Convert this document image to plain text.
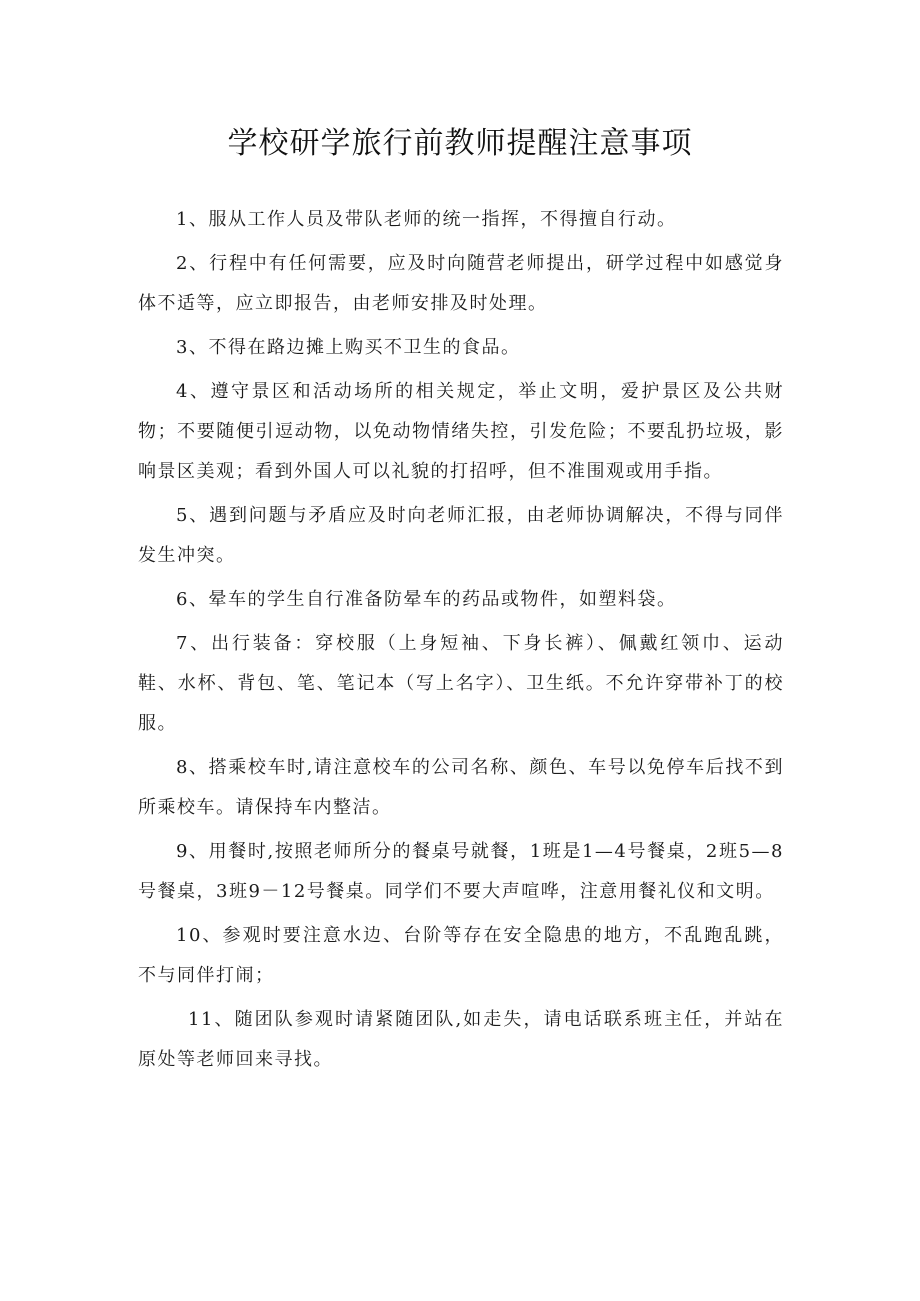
学校研学旅行前教师提醒注意事项

1、服从工作人员及带队老师的统一指挥，不得擅自行动。

2、行程中有任何需要，应及时向随营老师提出，研学过程中如感觉身体不适等，应立即报告，由老师安排及时处理。

3、不得在路边摊上购买不卫生的食品。

4、遵守景区和活动场所的相关规定，举止文明，爱护景区及公共财物；不要随便引逗动物，以免动物情绪失控，引发危险；不要乱扔垃圾，影响景区美观；看到外国人可以礼貌的打招呼，但不准围观或用手指。

5、遇到问题与矛盾应及时向老师汇报，由老师协调解决，不得与同伴发生冲突。

6、晕车的学生自行准备防晕车的药品或物件，如塑料袋。

7、出行装备：穿校服（上身短袖、下身长裤）、佩戴红领巾、运动鞋、水杯、背包、笔、笔记本（写上名字）、卫生纸。不允许穿带补丁的校服。

8、搭乘校车时,请注意校车的公司名称、颜色、车号以免停车后找不到所乘校车。请保持车内整洁。

9、用餐时,按照老师所分的餐桌号就餐，1班是1—4号餐桌，2班5—8号餐桌，3班9－12号餐桌。同学们不要大声喧哗，注意用餐礼仪和文明。

10、参观时要注意水边、台阶等存在安全隐患的地方，不乱跑乱跳，不与同伴打闹；

11、随团队参观时请紧随团队,如走失，请电话联系班主任，并站在原处等老师回来寻找。
